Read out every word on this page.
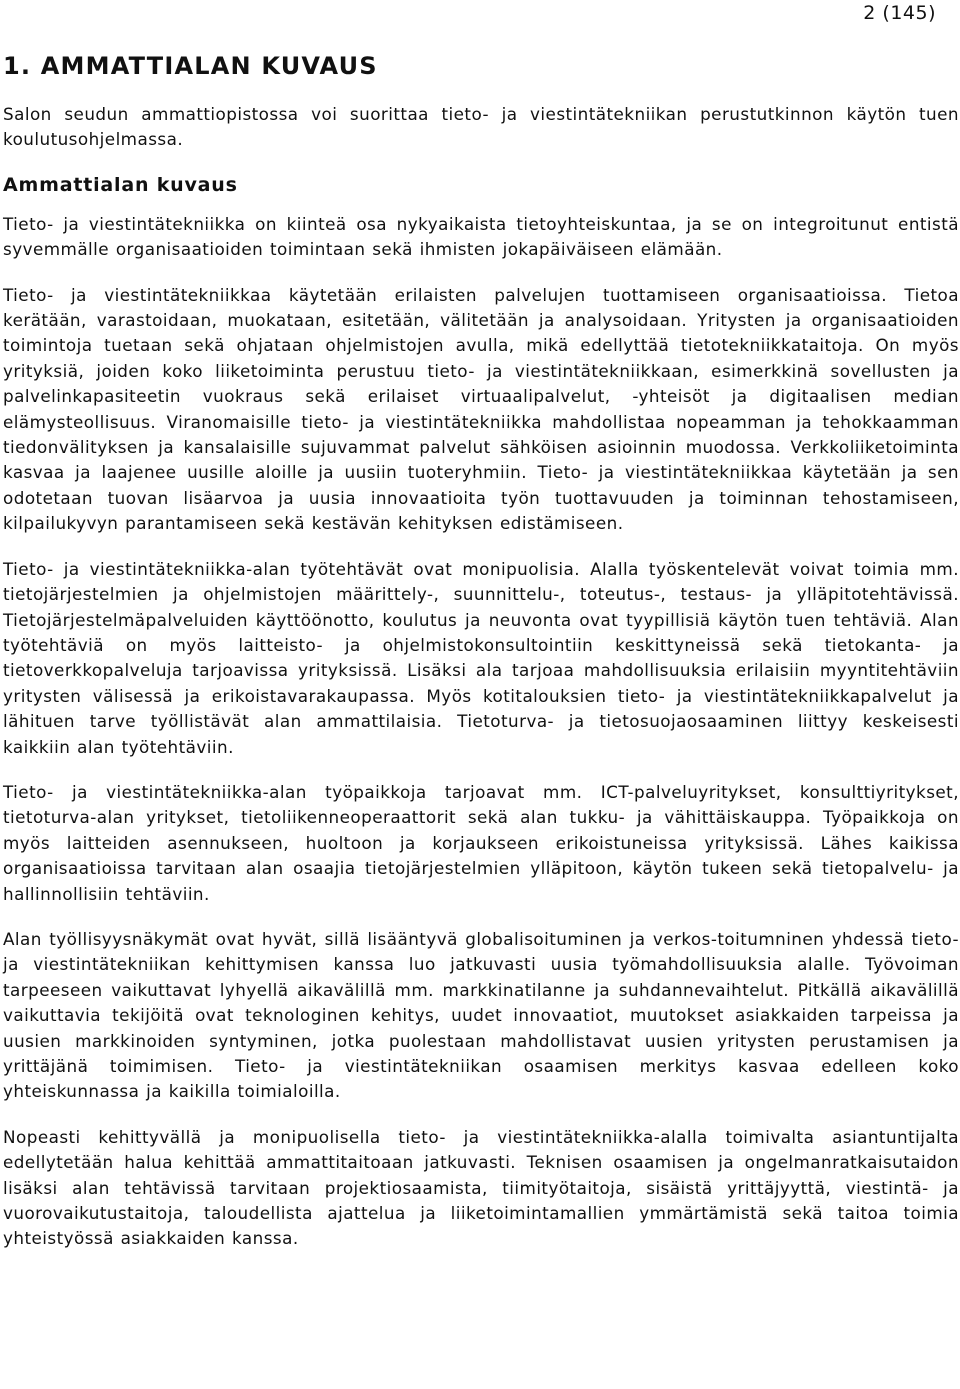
2 (145)
1. AMMATTIALAN KUVAUS

Salon seudun ammattiopistossa voi suorittaa tieto- ja viestintätekniikan perustutkinnon käytön tuen koulutusohjelmassa.

Ammattialan kuvaus

Tieto- ja viestintätekniikka on kiinteä osa nykyaikaista tietoyhteiskuntaa, ja se on integroitunut entistä syvemmälle organisaatioiden toimintaan sekä ihmisten jokapäiväiseen elämään.

Tieto- ja viestintätekniikkaa käytetään erilaisten palvelujen tuottamiseen organisaatioissa. Tietoa kerätään, varastoidaan, muokataan, esitetään, välitetään ja analysoidaan. Yritysten ja organisaatioiden toimintoja tuetaan sekä ohjataan ohjelmistojen avulla, mikä edellyttää tietotekniikkataitoja. On myös yrityksiä, joiden koko liiketoiminta perustuu tieto- ja viestintätekniikkaan, esimerkkinä sovellusten ja palvelinkapasiteetin vuokraus sekä erilaiset virtuaalipalvelut, -yhteisöt ja digitaalisen median elämysteollisuus. Viranomaisille tieto- ja viestintätekniikka mahdollistaa nopeamman ja tehokkaamman tiedonvälityksen ja kansalaisille sujuvammat palvelut sähköisen asioinnin muodossa. Verkkoliiketoiminta kasvaa ja laajenee uusille aloille ja uusiin tuoteryhmiin. Tieto- ja viestintätekniikkaa käytetään ja sen odotetaan tuovan lisäarvoa ja uusia innovaatioita työn tuottavuuden ja toiminnan tehostamiseen, kilpailukyvyn parantamiseen sekä kestävän kehityksen edistämiseen.

Tieto- ja viestintätekniikka-alan työtehtävät ovat monipuolisia. Alalla työskentelevät voivat toimia mm. tietojärjestelmien ja ohjelmistojen määrittely-, suunnittelu-, toteutus-, testaus- ja ylläpitotehtävissä. Tietojärjestelmäpalveluiden käyttöönotto, koulutus ja neuvonta ovat tyypillisiä käytön tuen tehtäviä. Alan työtehtäviä on myös laitteisto- ja ohjelmistokonsultointiin keskittyneissä sekä tietokanta- ja tietoverkkopalveluja tarjoavissa yrityksissä. Lisäksi ala tarjoaa mahdollisuuksia erilaisiin myyntitehtäviin yritysten välisessä ja erikoistavarakaupassa. Myös kotitalouksien tieto- ja viestintätekniikkapalvelut ja lähituen tarve työllistävät alan ammattilaisia. Tietoturva- ja tietosuojaosaaminen liittyy keskeisesti kaikkiin alan työtehtäviin.

Tieto- ja viestintätekniikka-alan työpaikkoja tarjoavat mm. ICT-palveluyritykset, konsulttiyritykset, tietoturva-alan yritykset, tietoliikenneoperaattorit sekä alan tukku- ja vähittäiskauppa. Työpaikkoja on myös laitteiden asennukseen, huoltoon ja korjaukseen erikoistuneissa yrityksissä. Lähes kaikissa organisaatioissa tarvitaan alan osaajia tietojärjestelmien ylläpitoon, käytön tukeen sekä tietopalvelu- ja hallinnollisiin tehtäviin.

Alan työllisyysnäkymät ovat hyvät, sillä lisääntyvä globalisoituminen ja verkos-toitumninen yhdessä tieto- ja viestintätekniikan kehittymisen kanssa luo jatkuvasti uusia työmahdollisuuksia alalle. Työvoiman tarpeeseen vaikuttavat lyhyellä aikavälillä mm. markkinatilanne ja suhdannevaihtelut. Pitkällä aikavälillä vaikuttavia tekijöitä ovat teknologinen kehitys, uudet innovaatiot, muutokset asiakkaiden tarpeissa ja uusien markkinoiden syntyminen, jotka puolestaan mahdollistavat uusien yritysten perustamisen ja yrittäjänä toimimisen. Tieto- ja viestintätekniikan osaamisen merkitys kasvaa edelleen koko yhteiskunnassa ja kaikilla toimialoilla.

Nopeasti kehittyvällä ja monipuolisella tieto- ja viestintätekniikka-alalla toimivalta asiantuntijalta edellytetään halua kehittää ammattitaitoaan jatkuvasti. Teknisen osaamisen ja ongelmanratkaisutaidon lisäksi alan tehtävissä tarvitaan projektiosaamista, tiimityötaitoja, sisäistä yrittäjyyttä, viestintä- ja vuorovaikutustaitoja, taloudellista ajattelua ja liiketoimintamallien ymmärtämistä sekä taitoa toimia yhteistyössä asiakkaiden kanssa.
